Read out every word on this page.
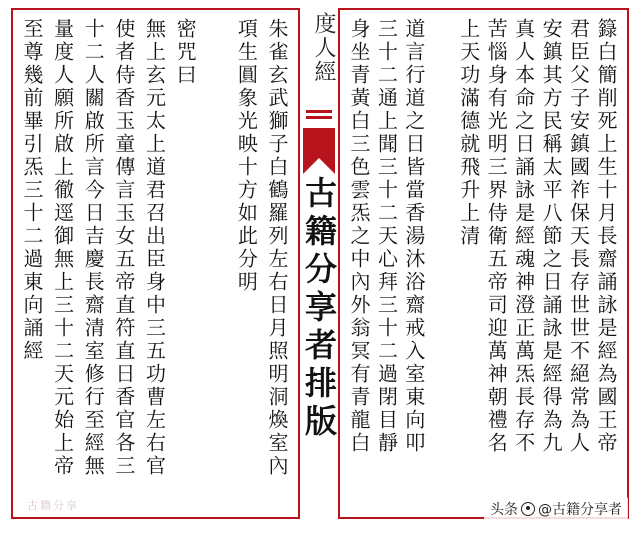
朱雀玄武獅子白鶴羅列左右日月照明洞煥室內
項生圓象光映十方如此分明
密咒曰
無上玄元太上道君召出臣身中三五功曹左右官
使者侍香玉童傳言玉女五帝直符直日香官各三
十二人關啟所言今日吉慶長齋清室修行至經無
量度人願所啟上徹逕御無上三十二天元始上帝
至尊幾前畢引炁三十二過東向誦經
古籍分享
度人經
古籍分享者排版	籙白簡削死上生十月長齋誦詠是經為國王帝
君臣父子安鎮國祚保天長存世世不絕常為人
安鎮其方民稱太平八節之日誦詠是經得為九
真人本命之日誦詠是經魂神澄正萬炁長存不
苦惱身有光明三界侍衛五帝司迎萬神朝禮名
上天功滿德就飛升上清
道言行道之日皆當香湯沐浴齋戒入室東向叩
三十二通上聞三十二天心拜三十二過閉目靜
身坐青黃白三色雲炁之中內外翁冥有青龍白
头条 @古籍分享者
